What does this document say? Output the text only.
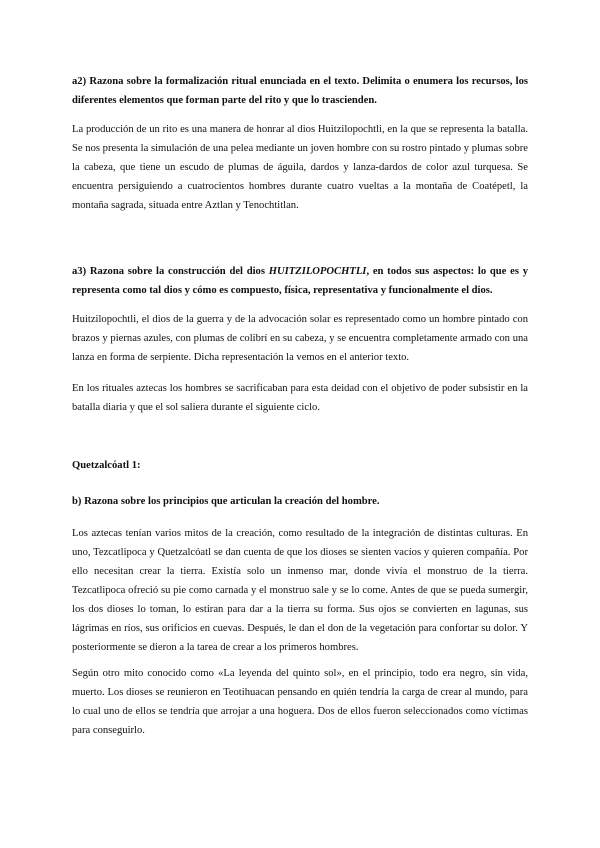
a2) Razona sobre la formalización ritual enunciada en el texto. Delimita o enumera los recursos, los diferentes elementos que forman parte del rito y que lo trascienden.
La producción de un rito es una manera de honrar al dios Huitzilopochtli, en la que se representa la batalla. Se nos presenta la simulación de una pelea mediante un joven hombre con su rostro pintado y plumas sobre la cabeza, que tiene un escudo de plumas de águila, dardos y lanza-dardos de color azul turquesa. Se encuentra persiguiendo a cuatrocientos hombres durante cuatro vueltas a la montaña de Coatépetl, la montaña sagrada, situada entre Aztlan y Tenochtitlan.
a3) Razona sobre la construcción del dios HUITZILOPOCHTLI, en todos sus aspectos: lo que es y representa como tal dios y cómo es compuesto, física, representativa y funcionalmente el dios.
Huitzilopochtli, el dios de la guerra y de la advocación solar es representado como un hombre pintado con brazos y piernas azules, con plumas de colibrí en su cabeza, y se encuentra completamente armado con una lanza en forma de serpiente. Dicha representación la vemos en el anterior texto.
En los rituales aztecas los hombres se sacrificaban para esta deidad con el objetivo de poder subsistir en la batalla diaria y que el sol saliera durante el siguiente ciclo.
Quetzalcóatl 1:
b) Razona sobre los principios que articulan la creación del hombre.
Los aztecas tenían varios mitos de la creación, como resultado de la integración de distintas culturas. En uno, Tezcatlipoca y Quetzalcóatl se dan cuenta de que los dioses se sienten vacíos y quieren compañía. Por ello necesitan crear la tierra. Existía solo un inmenso mar, donde vivía el monstruo de la tierra. Tezcatlipoca ofreció su pie como carnada y el monstruo sale y se lo come. Antes de que se pueda sumergir, los dos dioses lo toman, lo estiran para dar a la tierra su forma. Sus ojos se convierten en lagunas, sus lágrimas en ríos, sus orificios en cuevas. Después, le dan el don de la vegetación para confortar su dolor. Y posteriormente se dieron a la tarea de crear a los primeros hombres.
Según otro mito conocido como «La leyenda del quinto sol», en el principio, todo era negro, sin vida, muerto. Los dioses se reunieron en Teotihuacan pensando en quién tendría la carga de crear al mundo, para lo cual uno de ellos se tendría que arrojar a una hoguera. Dos de ellos fueron seleccionados como víctimas para conseguirlo.
